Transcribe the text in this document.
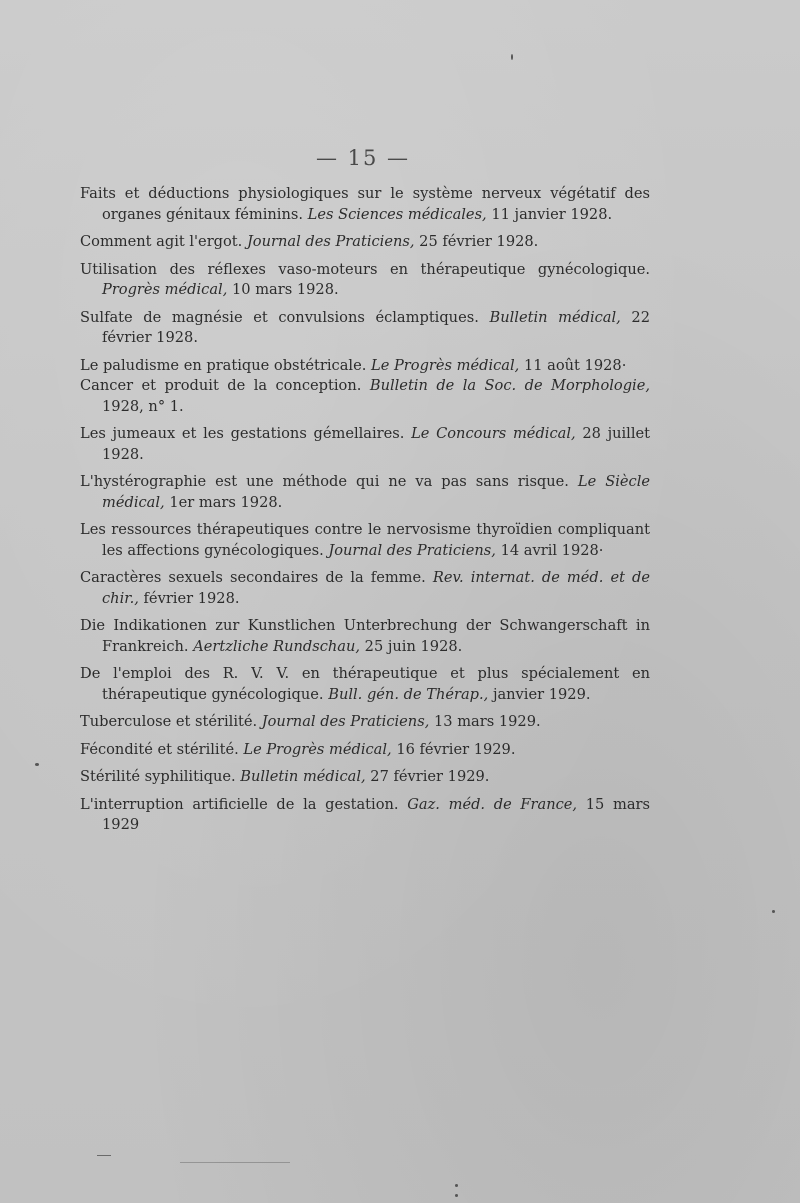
— 15 —

Faits et déductions physiologiques sur le système nerveux végétatif des organes génitaux féminins. Les Sciences médicales, 11 janvier 1928.

Comment agit l'ergot. Journal des Praticiens, 25 février 1928.

Utilisation des réflexes vaso-moteurs en thérapeutique gynécologique. Progrès médical, 10 mars 1928.

Sulfate de magnésie et convulsions éclamptiques. Bulletin médical, 22 février 1928.

Le paludisme en pratique obstétricale. Le Progrès médical, 11 août 1928·

Cancer et produit de la conception. Bulletin de la Soc. de Morphologie, 1928, n° 1.

Les jumeaux et les gestations gémellaires. Le Concours médical, 28 juillet 1928.

L'hystérographie est une méthode qui ne va pas sans risque. Le Siècle médical, 1er mars 1928.

Les ressources thérapeutiques contre le nervosisme thyroïdien compliquant les affections gynécologiques. Journal des Praticiens, 14 avril 1928·

Caractères sexuels secondaires de la femme. Rev. internat. de méd. et de chir., février 1928.

Die Indikationen zur Kunstlichen Unterbrechung der Schwangerschaft in Frankreich. Aertzliche Rundschau, 25 juin 1928.

De l'emploi des R. V. V. en thérapeutique et plus spécialement en thérapeutique gynécologique. Bull. gén. de Thérap., janvier 1929.

Tuberculose et stérilité. Journal des Praticiens, 13 mars 1929.

Fécondité et stérilité. Le Progrès médical, 16 février 1929.

Stérilité syphilitique. Bulletin médical, 27 février 1929.

L'interruption artificielle de la gestation. Gaz. méd. de France, 15 mars 1929
